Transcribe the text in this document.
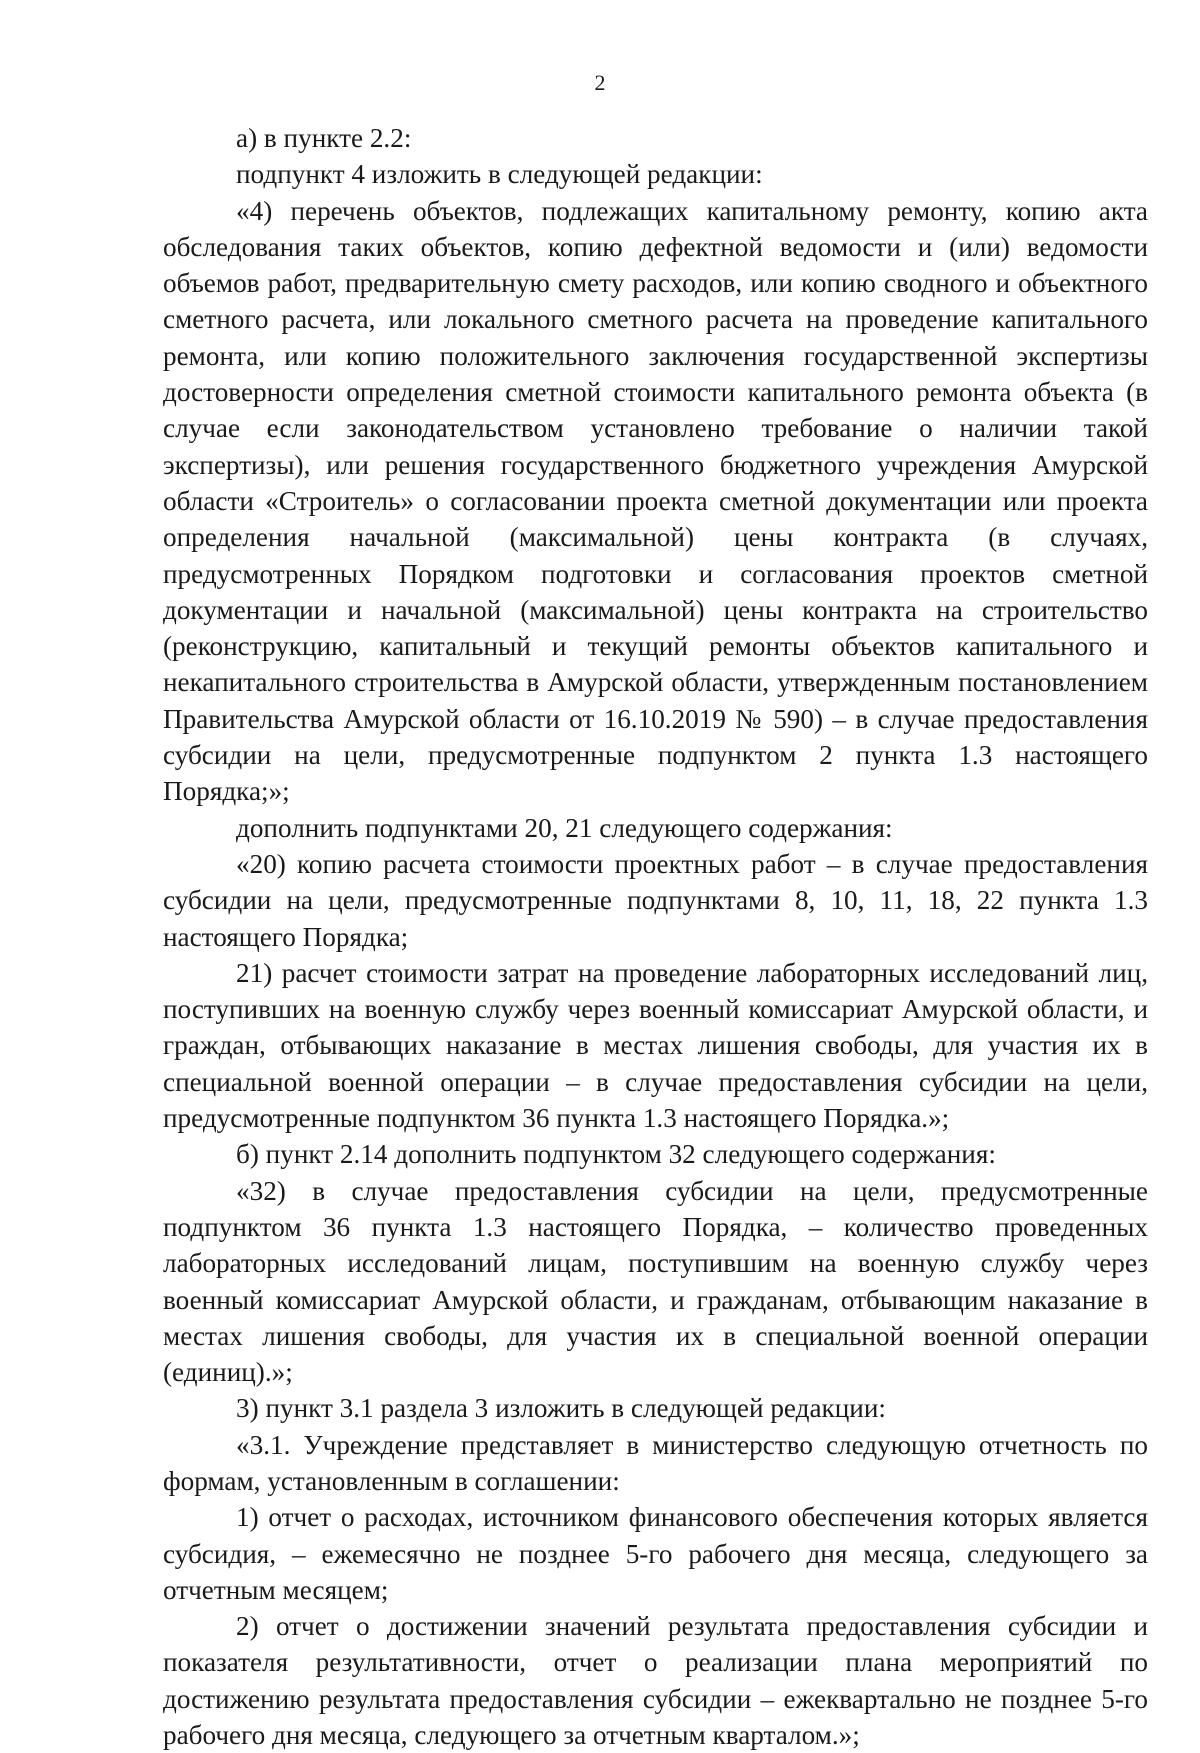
2

а) в пункте 2.2:

подпункт 4 изложить в следующей редакции:

«4) перечень объектов, подлежащих капитальному ремонту, копию акта обследования таких объектов, копию дефектной ведомости и (или) ведомости объемов работ, предварительную смету расходов, или копию сводного и объектного сметного расчета, или локального сметного расчета на проведение капитального ремонта, или копию положительного заключения государственной экспертизы достоверности определения сметной стоимости капитального ремонта объекта (в случае если законодательством установлено требование о наличии такой экспертизы), или решения государственного бюджетного учреждения Амурской области «Строитель» о согласовании проекта сметной документации или проекта определения начальной (максимальной) цены контракта (в случаях, предусмотренных Порядком подготовки и согласования проектов сметной документации и начальной (максимальной) цены контракта на строительство (реконструкцию, капитальный и текущий ремонты объектов капитального и некапитального строительства в Амурской области, утвержденным постановлением Правительства Амурской области от 16.10.2019 № 590) – в случае предоставления субсидии на цели, предусмотренные подпунктом 2 пункта 1.3 настоящего Порядка;»;

дополнить подпунктами 20, 21 следующего содержания:

«20) копию расчета стоимости проектных работ – в случае предоставления субсидии на цели, предусмотренные подпунктами 8, 10, 11, 18, 22 пункта 1.3 настоящего Порядка;

21) расчет стоимости затрат на проведение лабораторных исследований лиц, поступивших на военную службу через военный комиссариат Амурской области, и граждан, отбывающих наказание в местах лишения свободы, для участия их в специальной военной операции – в случае предоставления субсидии на цели, предусмотренные подпунктом 36 пункта 1.3 настоящего Порядка.»;

б) пункт 2.14 дополнить подпунктом 32 следующего содержания:

«32) в случае предоставления субсидии на цели, предусмотренные подпунктом 36 пункта 1.3 настоящего Порядка, – количество проведенных лабораторных исследований лицам, поступившим на военную службу через военный комиссариат Амурской области, и гражданам, отбывающим наказание в местах лишения свободы, для участия их в специальной военной операции (единиц).»;

3) пункт 3.1 раздела 3 изложить в следующей редакции:

«3.1. Учреждение представляет в министерство следующую отчетность по формам, установленным в соглашении:

1) отчет о расходах, источником финансового обеспечения которых является субсидия, – ежемесячно не позднее 5-го рабочего дня месяца, следующего за отчетным месяцем;

2) отчет о достижении значений результата предоставления субсидии и показателя результативности, отчет о реализации плана мероприятий по достижению результата предоставления субсидии – ежеквартально не позднее 5-го рабочего дня месяца, следующего за отчетным кварталом.»;
